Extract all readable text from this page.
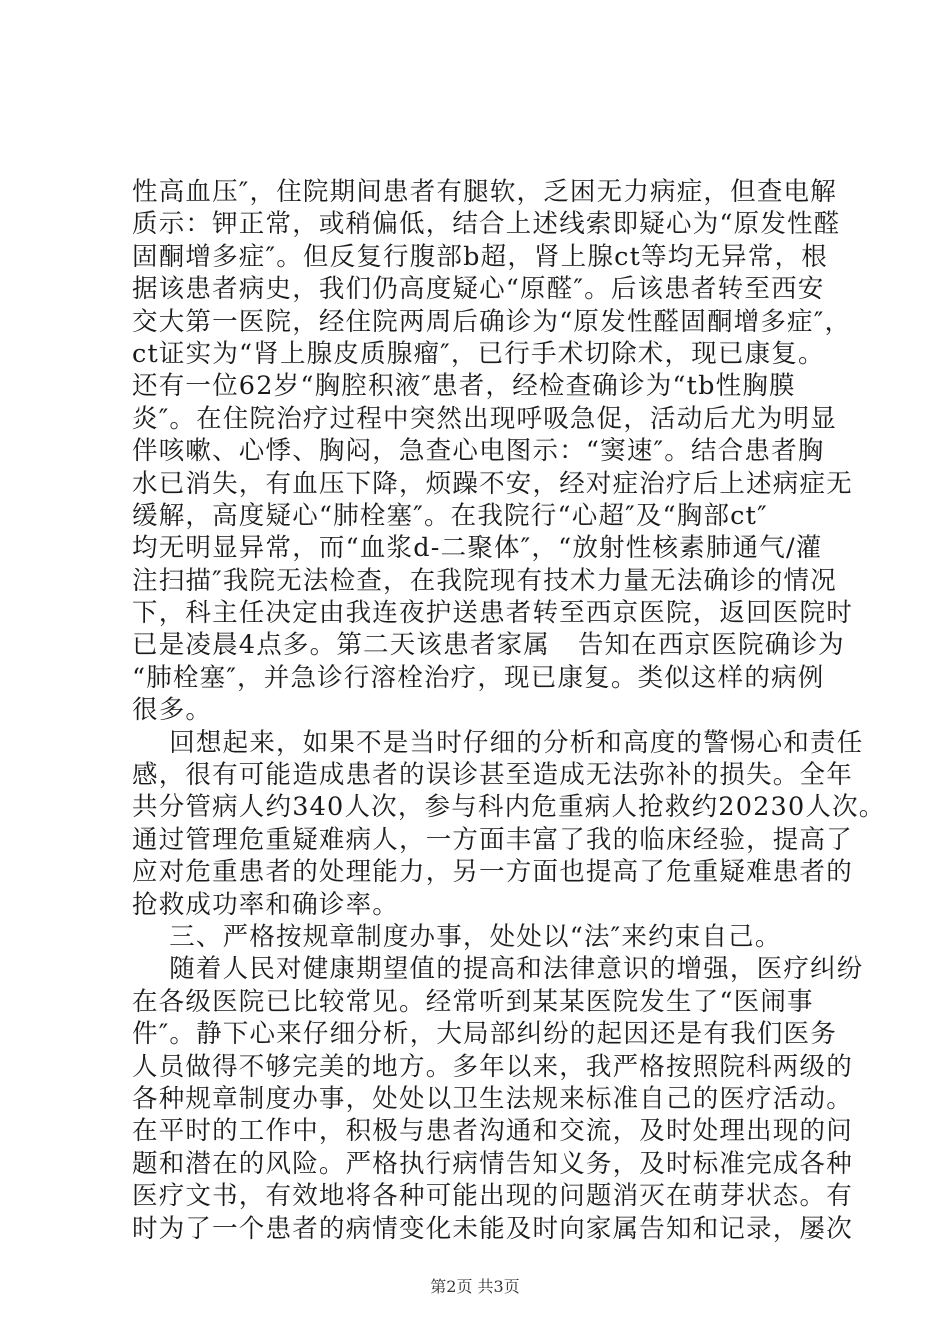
性高血压″，住院期间患者有腿软，乏困无力病症，但查电解
质示：钾正常，或稍偏低，结合上述线索即疑心为“原发性醛
固酮增多症″。但反复行腹部b超，肾上腺ct等均无异常，根
据该患者病史，我们仍高度疑心“原醛″。后该患者转至西安
交大第一医院，经住院两周后确诊为“原发性醛固酮增多症″，
ct证实为“肾上腺皮质腺瘤″，已行手术切除术，现已康复。
还有一位62岁“胸腔积液″患者，经检查确诊为“tb性胸膜
炎″。在住院治疗过程中突然出现呼吸急促，活动后尤为明显
伴咳嗽、心悸、胸闷，急查心电图示：“窦速″。结合患者胸
水已消失，有血压下降，烦躁不安，经对症治疗后上述病症无
缓解，高度疑心“肺栓塞″。在我院行“心超″及“胸部ct″
均无明显异常，而“血浆d-二聚体″，“放射性核素肺通气/灌
注扫描″我院无法检查，在我院现有技术力量无法确诊的情况
下，科主任决定由我连夜护送患者转至西京医院，返回医院时
已是凌晨4点多。第二天该患者家属   告知在西京医院确诊为
“肺栓塞″，并急诊行溶栓治疗，现已康复。类似这样的病例
很多。
回想起来，如果不是当时仔细的分析和高度的警惕心和责任
感，很有可能造成患者的误诊甚至造成无法弥补的损失。全年
共分管病人约340人次，参与科内危重病人抢救约20230人次。
通过管理危重疑难病人，一方面丰富了我的临床经验，提高了
应对危重患者的处理能力，另一方面也提高了危重疑难患者的
抢救成功率和确诊率。
三、严格按规章制度办事，处处以“法″来约束自己。
随着人民对健康期望值的提高和法律意识的增强，医疗纠纷
在各级医院已比较常见。经常听到某某医院发生了“医闹事
件″。静下心来仔细分析，大局部纠纷的起因还是有我们医务
人员做得不够完美的地方。多年以来，我严格按照院科两级的
各种规章制度办事，处处以卫生法规来标准自己的医疗活动。
在平时的工作中，积极与患者沟通和交流，及时处理出现的问
题和潜在的风险。严格执行病情告知义务，及时标准完成各种
医疗文书，有效地将各种可能出现的问题消灭在萌芽状态。有
时为了一个患者的病情变化未能及时向家属告知和记录，屡次
第2页 共3页
